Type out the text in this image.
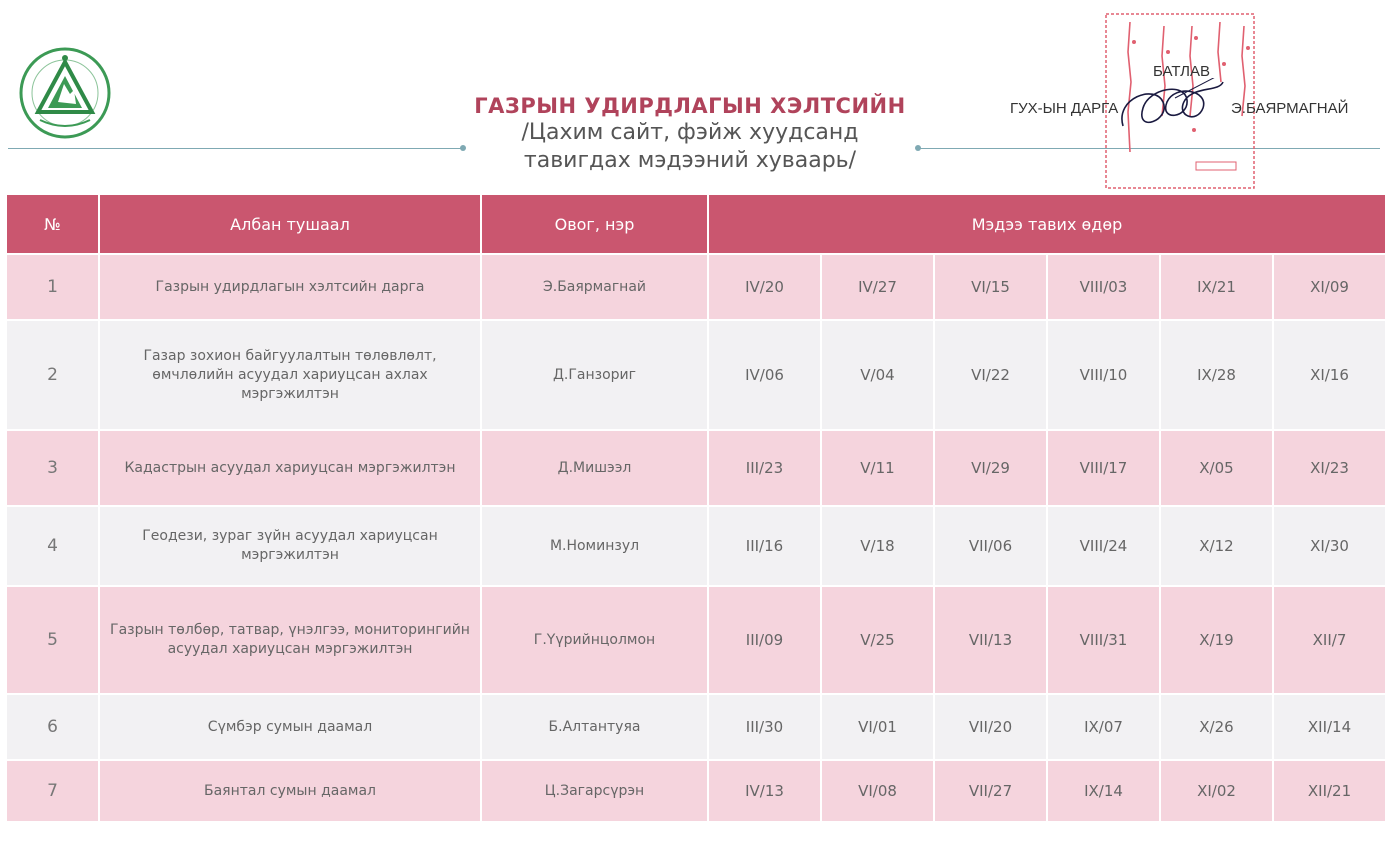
ГАЗРЫН УДИРДЛАГЫН ХЭЛТСИЙН
/Цахим сайт, фэйж хуудсанд
тавигдах мэдээний хуваарь/
БАТЛАВ
ГУХ-ЫН ДАРГА	Э.БАЯРМАГНАЙ
№	Албан тушаал	Овог, нэр	Мэдээ тавих өдөр					
1	Газрын удирдлагын хэлтсийн дарга	Э.Баярмагнай	IV/20	IV/27	VI/15	VIII/03	IX/21	XI/09
2	Газар зохион байгуулалтын төлөвлөлт, өмчлөлийн асуудал хариуцсан ахлах мэргэжилтэн	Д.Ганзориг	IV/06	V/04	VI/22	VIII/10	IX/28	XI/16
3	Кадастрын асуудал хариуцсан мэргэжилтэн	Д.Мишээл	III/23	V/11	VI/29	VIII/17	X/05	XI/23
4	Геодези, зураг зүйн асуудал хариуцсан мэргэжилтэн	М.Номинзул	III/16	V/18	VII/06	VIII/24	X/12	XI/30
5	Газрын төлбөр, татвар, үнэлгээ, мониторингийн асуудал хариуцсан мэргэжилтэн	Г.Үүрийнцолмон	III/09	V/25	VII/13	VIII/31	X/19	XII/7
6	Сүмбэр сумын даамал	Б.Алтантуяа	III/30	VI/01	VII/20	IX/07	X/26	XII/14
7	Баянтал сумын даамал	Ц.Загарсүрэн	IV/13	VI/08	VII/27	IX/14	XI/02	XII/21
